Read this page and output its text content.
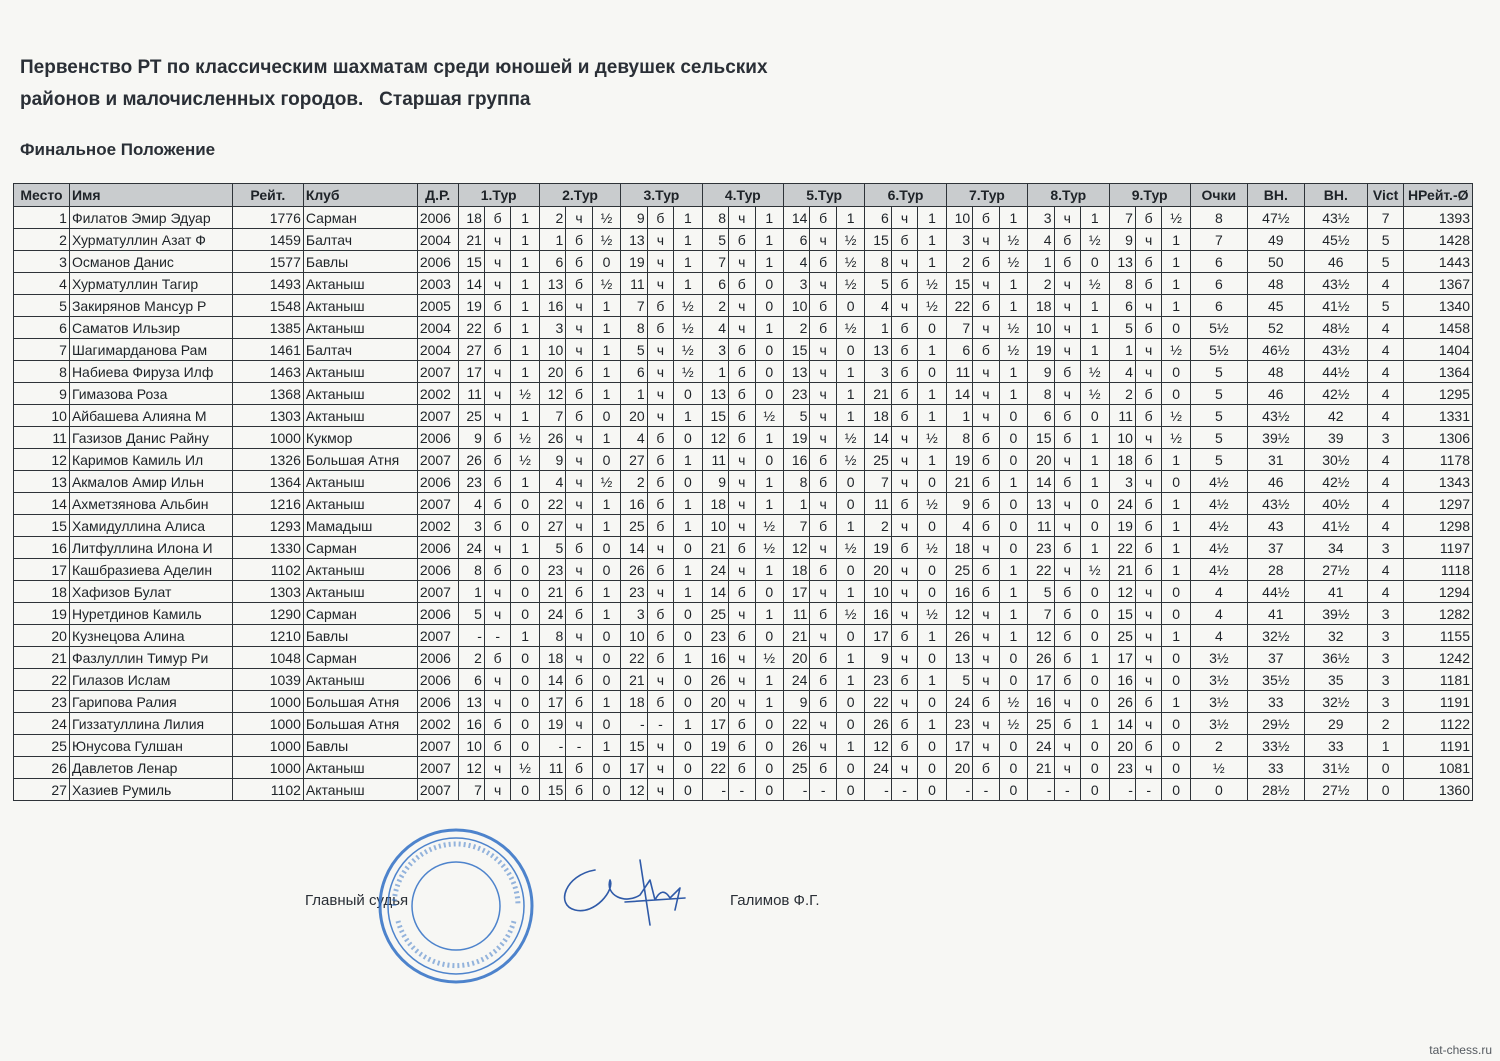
Первенство РТ по классическим шахматам среди юношей и девушек сельских
районов и малочисленных городов.   Старшая группа
Финальное Положение
Место	Имя	Рейт.	Клуб	Д.Р.	1.Тур			2.Тур			3.Тур			4.Тур			5.Тур			6.Тур			7.Тур			8.Тур			9.Тур			Очки	ВН.	ВН.	Vict	НРейт.-Ø
1	Филатов Эмир Эдуар	1776	Сарман	2006	18	б	1	2	ч	½	9	б	1	8	ч	1	14	б	1	6	ч	1	10	б	1	3	ч	1	7	б	½	8	47½	43½	7	1393
2	Хурматуллин Азат Ф	1459	Балтач	2004	21	ч	1	1	б	½	13	ч	1	5	б	1	6	ч	½	15	б	1	3	ч	½	4	б	½	9	ч	1	7	49	45½	5	1428
3	Османов Данис	1577	Бавлы	2006	15	ч	1	6	б	0	19	ч	1	7	ч	1	4	б	½	8	ч	1	2	б	½	1	б	0	13	б	1	6	50	46	5	1443
4	Хурматуллин Тагир	1493	Актаныш	2003	14	ч	1	13	б	½	11	ч	1	6	б	0	3	ч	½	5	б	½	15	ч	1	2	ч	½	8	б	1	6	48	43½	4	1367
5	Закирянов Мансур Р	1548	Актаныш	2005	19	б	1	16	ч	1	7	б	½	2	ч	0	10	б	0	4	ч	½	22	б	1	18	ч	1	6	ч	1	6	45	41½	5	1340
6	Саматов Ильзир	1385	Актаныш	2004	22	б	1	3	ч	1	8	б	½	4	ч	1	2	б	½	1	б	0	7	ч	½	10	ч	1	5	б	0	5½	52	48½	4	1458
7	Шагимарданова Рам	1461	Балтач	2004	27	б	1	10	ч	1	5	ч	½	3	б	0	15	ч	0	13	б	1	6	б	½	19	ч	1	1	ч	½	5½	46½	43½	4	1404
8	Набиева Фируза Илф	1463	Актаныш	2007	17	ч	1	20	б	1	6	ч	½	1	б	0	13	ч	1	3	б	0	11	ч	1	9	б	½	4	ч	0	5	48	44½	4	1364
9	Гимазова Роза	1368	Актаныш	2002	11	ч	½	12	б	1	1	ч	0	13	б	0	23	ч	1	21	б	1	14	ч	1	8	ч	½	2	б	0	5	46	42½	4	1295
10	Айбашева Алияна М	1303	Актаныш	2007	25	ч	1	7	б	0	20	ч	1	15	б	½	5	ч	1	18	б	1	1	ч	0	6	б	0	11	б	½	5	43½	42	4	1331
11	Газизов Данис Райну	1000	Кукмор	2006	9	б	½	26	ч	1	4	б	0	12	б	1	19	ч	½	14	ч	½	8	б	0	15	б	1	10	ч	½	5	39½	39	3	1306
12	Каримов Камиль Ил	1326	Большая Атня	2007	26	б	½	9	ч	0	27	б	1	11	ч	0	16	б	½	25	ч	1	19	б	0	20	ч	1	18	б	1	5	31	30½	4	1178
13	Акмалов Амир Ильн	1364	Актаныш	2006	23	б	1	4	ч	½	2	б	0	9	ч	1	8	б	0	7	ч	0	21	б	1	14	б	1	3	ч	0	4½	46	42½	4	1343
14	Ахметзянова Альбин	1216	Актаныш	2007	4	б	0	22	ч	1	16	б	1	18	ч	1	1	ч	0	11	б	½	9	б	0	13	ч	0	24	б	1	4½	43½	40½	4	1297
15	Хамидуллина Алиса	1293	Мамадыш	2002	3	б	0	27	ч	1	25	б	1	10	ч	½	7	б	1	2	ч	0	4	б	0	11	ч	0	19	б	1	4½	43	41½	4	1298
16	Литфуллина Илона И	1330	Сарман	2006	24	ч	1	5	б	0	14	ч	0	21	б	½	12	ч	½	19	б	½	18	ч	0	23	б	1	22	б	1	4½	37	34	3	1197
17	Кашбразиева Аделин	1102	Актаныш	2006	8	б	0	23	ч	0	26	б	1	24	ч	1	18	б	0	20	ч	0	25	б	1	22	ч	½	21	б	1	4½	28	27½	4	1118
18	Хафизов Булат	1303	Актаныш	2007	1	ч	0	21	б	1	23	ч	1	14	б	0	17	ч	1	10	ч	0	16	б	1	5	б	0	12	ч	0	4	44½	41	4	1294
19	Нуретдинов Камиль	1290	Сарман	2006	5	ч	0	24	б	1	3	б	0	25	ч	1	11	б	½	16	ч	½	12	ч	1	7	б	0	15	ч	0	4	41	39½	3	1282
20	Кузнецова Алина	1210	Бавлы	2007	-	-	1	8	ч	0	10	б	0	23	б	0	21	ч	0	17	б	1	26	ч	1	12	б	0	25	ч	1	4	32½	32	3	1155
21	Фазлуллин Тимур Ри	1048	Сарман	2006	2	б	0	18	ч	0	22	б	1	16	ч	½	20	б	1	9	ч	0	13	ч	0	26	б	1	17	ч	0	3½	37	36½	3	1242
22	Гилазов Ислам	1039	Актаныш	2006	6	ч	0	14	б	0	21	ч	0	26	ч	1	24	б	1	23	б	1	5	ч	0	17	б	0	16	ч	0	3½	35½	35	3	1181
23	Гарипова Ралия	1000	Большая Атня	2006	13	ч	0	17	б	1	18	б	0	20	ч	1	9	б	0	22	ч	0	24	б	½	16	ч	0	26	б	1	3½	33	32½	3	1191
24	Гиззатуллина Лилия	1000	Большая Атня	2002	16	б	0	19	ч	0	-	-	1	17	б	0	22	ч	0	26	б	1	23	ч	½	25	б	1	14	ч	0	3½	29½	29	2	1122
25	Юнусова Гулшан	1000	Бавлы	2007	10	б	0	-	-	1	15	ч	0	19	б	0	26	ч	1	12	б	0	17	ч	0	24	ч	0	20	б	0	2	33½	33	1	1191
26	Давлетов Ленар	1000	Актаныш	2007	12	ч	½	11	б	0	17	ч	0	22	б	0	25	б	0	24	ч	0	20	б	0	21	ч	0	23	ч	0	½	33	31½	0	1081
27	Хазиев Румиль	1102	Актаныш	2007	7	ч	0	15	б	0	12	ч	0	-	-	0	-	-	0	-	-	0	-	-	0	-	-	0	-	-	0	0	28½	27½	0	1360
Главный судья	Галимов Ф.Г.
tat-chess.ru
